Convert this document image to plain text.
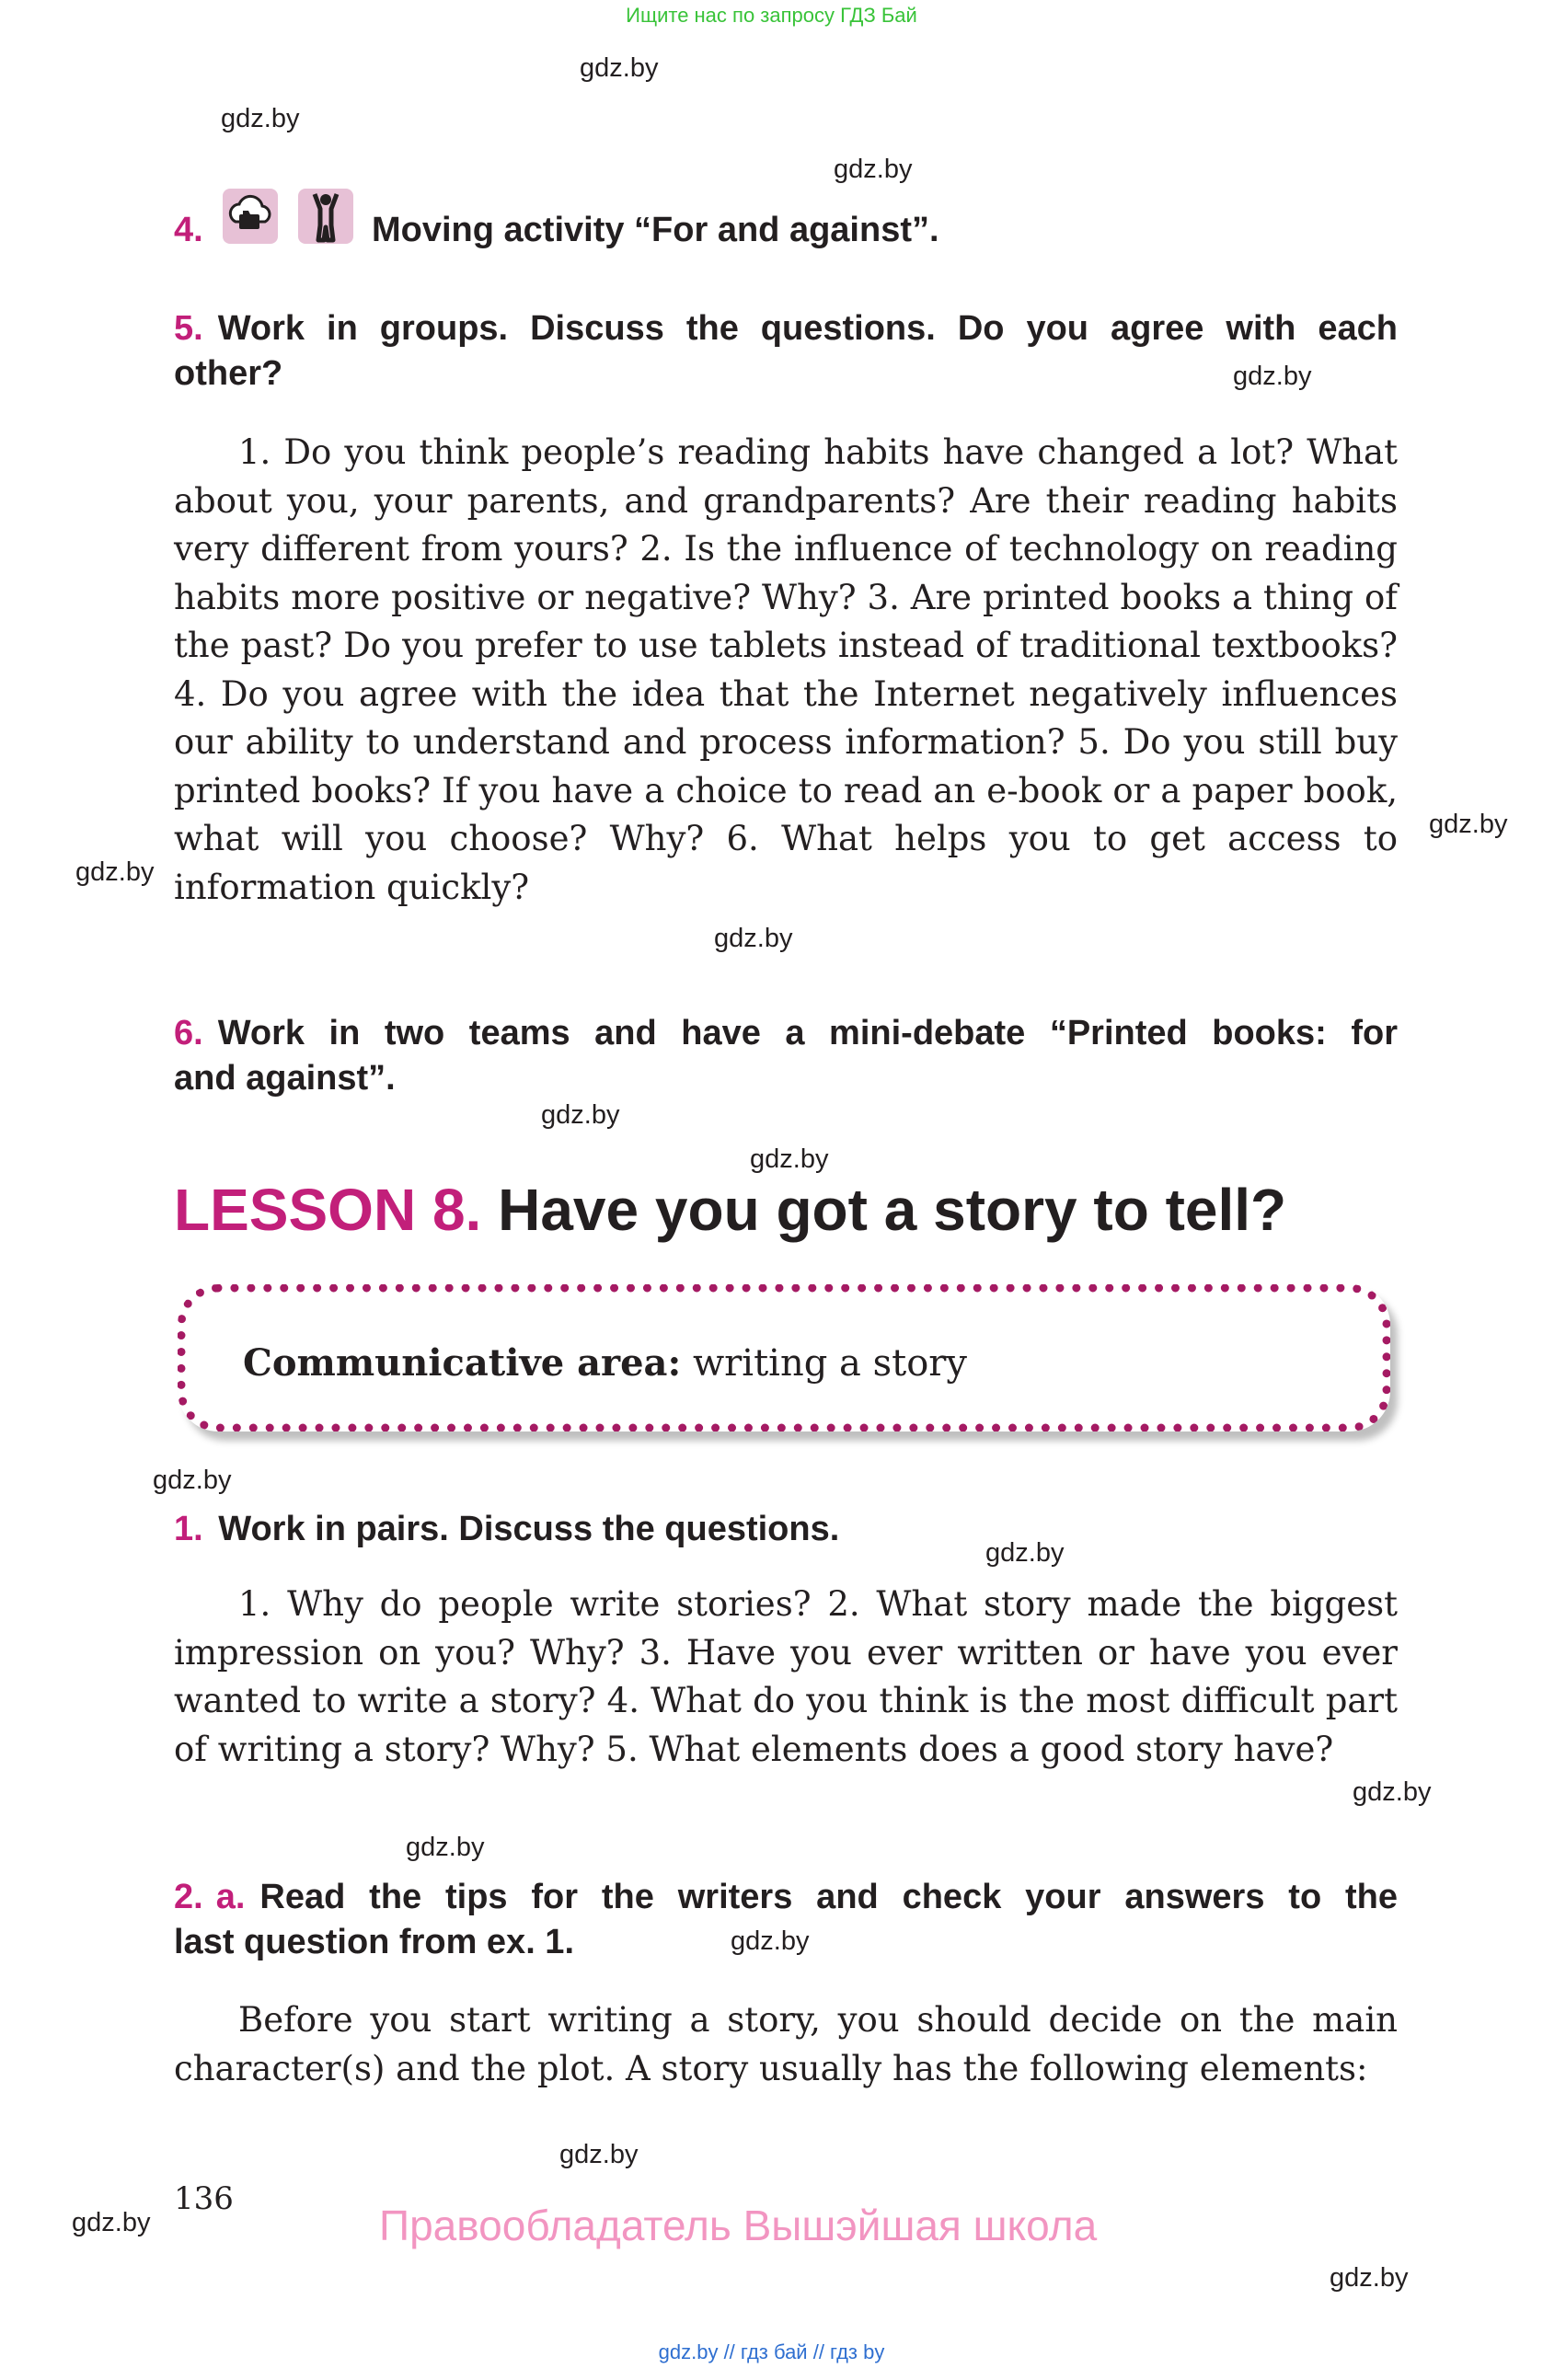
Ищите нас по запросу ГДЗ Бай
gdz.by
gdz.by
gdz.by
gdz.by
gdz.by
gdz.by
gdz.by
gdz.by
gdz.by
gdz.by
gdz.by
gdz.by
gdz.by
gdz.by
gdz.by
gdz.by
gdz.by
4.	Moving activity “For and against”.
5. Work in groups. Discuss the questions. Do you agree with each
other?

1. Do you think people’s reading habits have changed a lot? What about you, your parents, and grandparents? Are their reading habits very different from yours? 2. Is the influence of technology on reading habits more positive or negative? Why? 3. Are printed books a thing of the past? Do you prefer to use tablets instead of traditional textbooks? 4. Do you agree with the idea that the Internet negatively influences our ability to understand and process information? 5. Do you still buy printed books? If you have a choice to read an e-book or a paper book, what will you choose? Why? 6. What helps you to get access to information quickly?

6. Work in two teams and have a mini-debate “Printed books: for
and against”.
LESSON 8. Have you got a story to tell?
Communicative area: writing a story
1. Work in pairs. Discuss the questions.

1. Why do people write stories? 2. What story made the biggest impression on you? Why? 3. Have you ever written or have you ever wanted to write a story? 4. What do you think is the most difficult part of writing a story? Why? 5. What elements does a good story have?

2. a. Read the tips for the writers and check your answers to the
last question from ex. 1.

Before you start writing a story, you should decide on the main character(s) and the plot. A story usually has the following elements:

136
Правообладатель Вышэйшая школа
gdz.by // гдз бай // гдз by
